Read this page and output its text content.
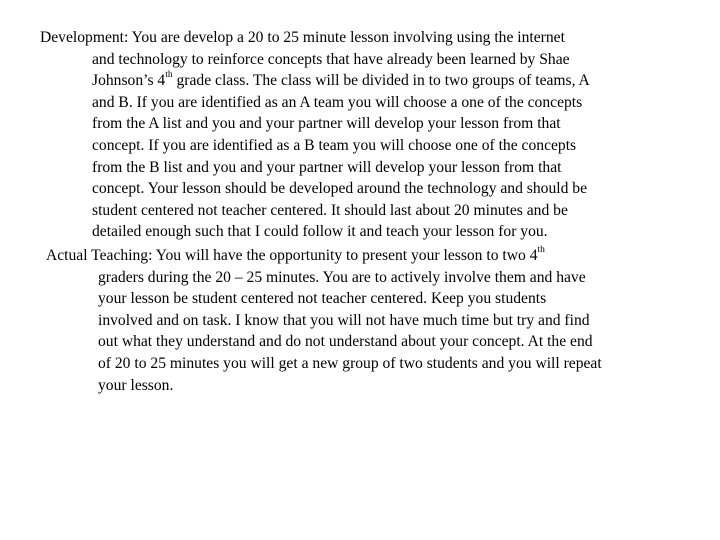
Development: You are develop a 20 to 25 minute lesson involving using the internet
and technology to reinforce concepts that have already been learned by Shae
Johnson’s 4th grade class. The class will be divided in to two groups of teams, A
and B. If you are identified as an A team you will choose a one of the concepts
from the A list and you and your partner will develop your lesson from that
concept. If you are identified as a B team you will choose one of the concepts
from the B list and you and your partner will develop your lesson from that
concept. Your lesson should be developed around the technology and should be
student centered not teacher centered. It should last about 20 minutes and be
detailed enough such that I could follow it and teach your lesson for you.

Actual Teaching: You will have the opportunity to present your lesson to two 4th
graders during the 20 – 25 minutes. You are to actively involve them and have
your lesson be student centered not teacher centered. Keep you students
involved and on task. I know that you will not have much time but try and find
out what they understand and do not understand about your concept. At the end
of 20 to 25 minutes you will get a new group of two students and you will repeat
your lesson.
